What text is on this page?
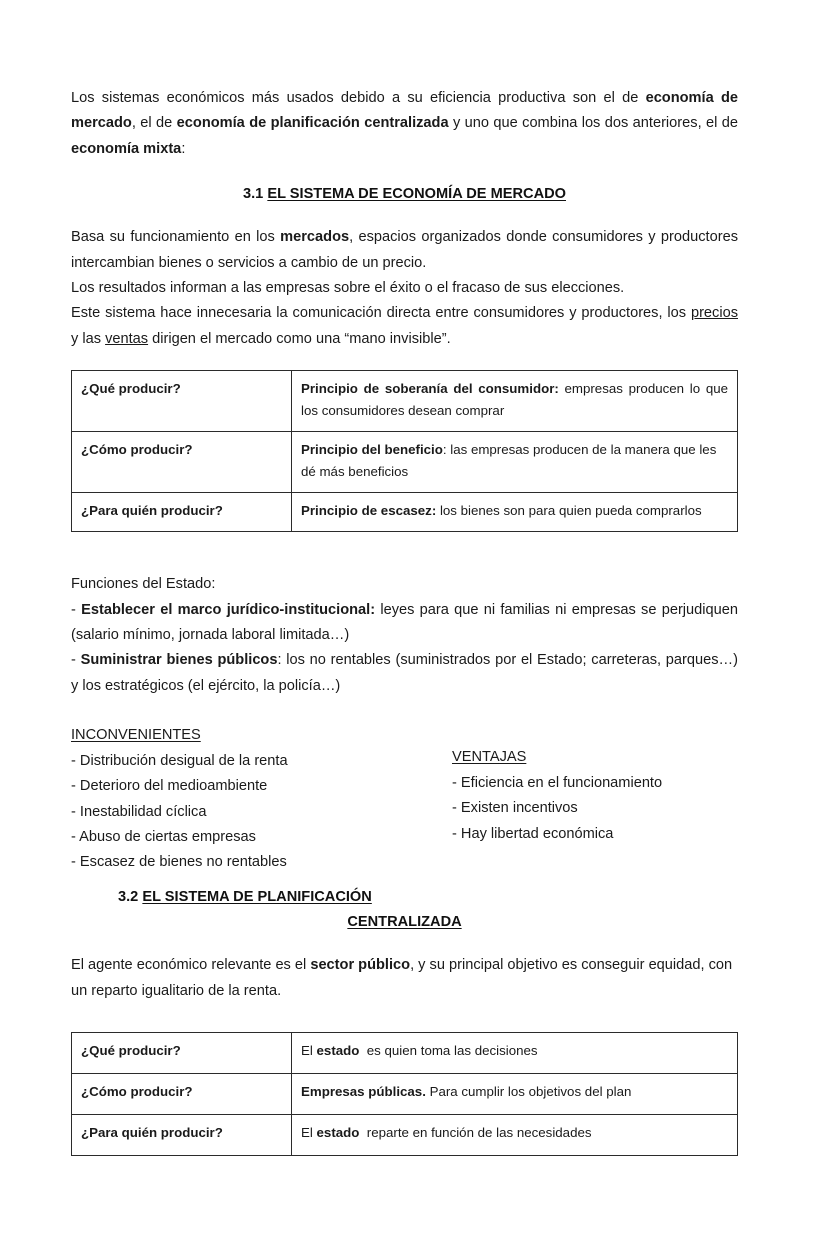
Los sistemas económicos más usados debido a su eficiencia productiva son el de economía de mercado, el de economía de planificación centralizada y uno que combina los dos anteriores, el de economía mixta:

3.1 EL SISTEMA DE ECONOMÍA DE MERCADO

Basa su funcionamiento en los mercados, espacios organizados donde consumidores y productores intercambian bienes o servicios a cambio de un precio.

Los resultados informan a las empresas sobre el éxito o el fracaso de sus elecciones.

Este sistema hace innecesaria la comunicación directa entre consumidores y productores, los precios y las ventas dirigen el mercado como una “mano invisible”.

¿Qué producir?	Principio de soberanía del consumidor: empresas producen lo que los consumidores desean comprar
¿Cómo producir?	Principio del beneficio: las empresas producen de la manera que les dé más beneficios
¿Para quién producir?	Principio de escasez: los bienes son para quien pueda comprarlos

Funciones del Estado:

- Establecer el marco jurídico-institucional: leyes para que ni familias ni empresas se perjudiquen (salario mínimo, jornada laboral limitada…)

- Suministrar bienes públicos: los no rentables (suministrados por el Estado; carreteras, parques…) y los estratégicos (el ejército, la policía…)

INCONVENIENTES

- Distribución desigual de la renta

- Deterioro del medioambiente

- Inestabilidad cíclica

- Abuso de ciertas empresas

- Escasez de bienes no rentables

VENTAJAS

- Eficiencia en el funcionamiento

- Existen incentivos

- Hay libertad económica

3.2 EL SISTEMA DE PLANIFICACIÓN

CENTRALIZADA

El agente económico relevante es el sector público, y su principal objetivo es conseguir equidad, con un reparto igualitario de la renta.

¿Qué producir?	El estado  es quien toma las decisiones
¿Cómo producir?	Empresas públicas. Para cumplir los objetivos del plan
¿Para quién producir?	El estado  reparte en función de las necesidades
